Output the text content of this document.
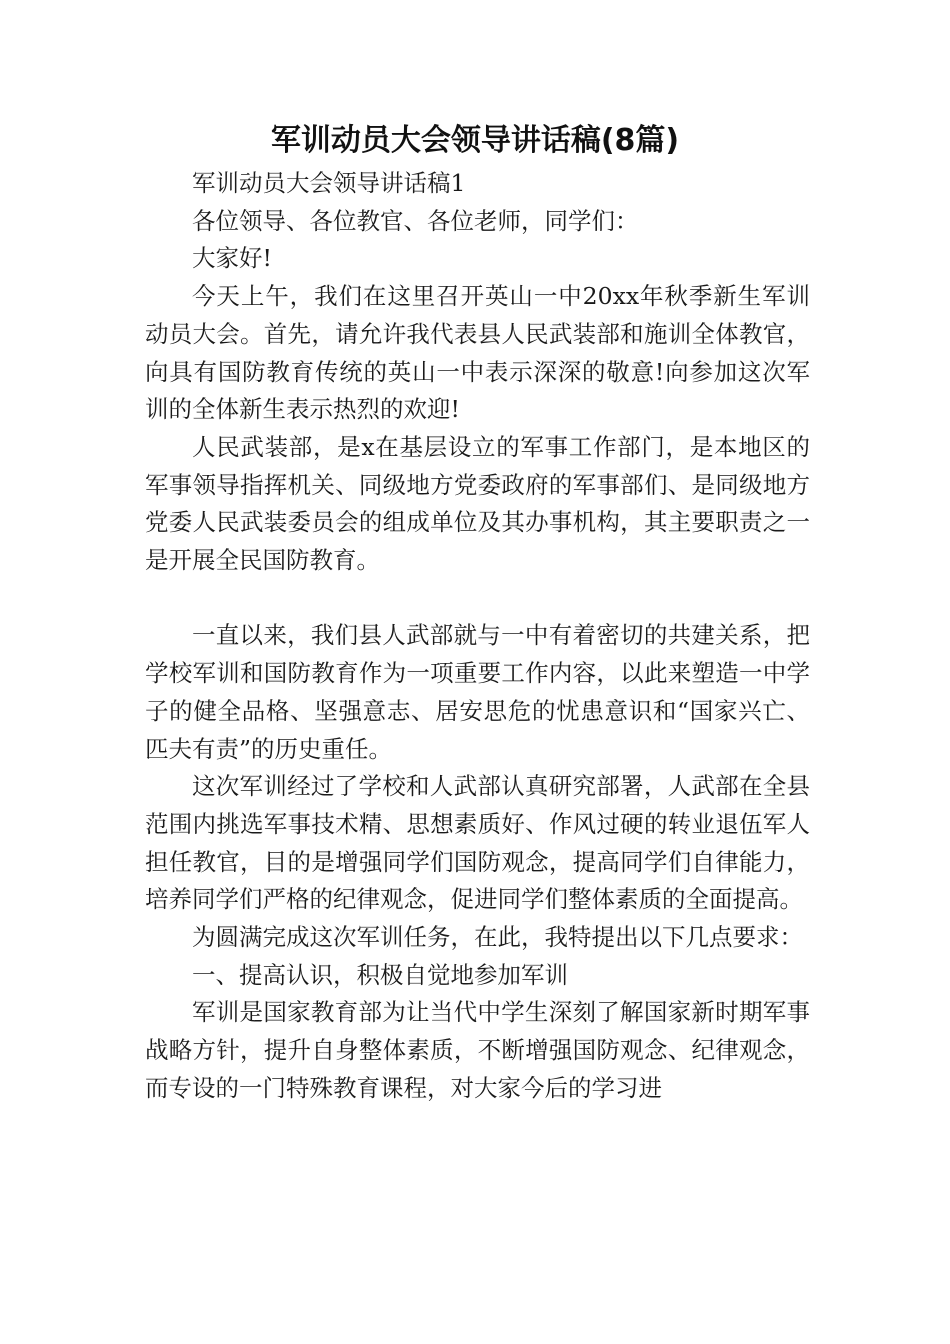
军训动员大会领导讲话稿(8篇)

军训动员大会领导讲话稿1

各位领导、各位教官、各位老师，同学们：

大家好!

今天上午，我们在这里召开英山一中20xx年秋季新生军训动员大会。首先，请允许我代表县人民武装部和施训全体教官，向具有国防教育传统的英山一中表示深深的敬意!向参加这次军训的全体新生表示热烈的欢迎!

人民武装部，是x在基层设立的军事工作部门，是本地区的军事领导指挥机关、同级地方党委政府的军事部们、是同级地方党委人民武装委员会的组成单位及其办事机构，其主要职责之一是开展全民国防教育。

一直以来，我们县人武部就与一中有着密切的共建关系，把学校军训和国防教育作为一项重要工作内容，以此来塑造一中学子的健全品格、坚强意志、居安思危的忧患意识和“国家兴亡、匹夫有责”的历史重任。

这次军训经过了学校和人武部认真研究部署，人武部在全县范围内挑选军事技术精、思想素质好、作风过硬的转业退伍军人担任教官，目的是增强同学们国防观念，提高同学们自律能力，培养同学们严格的纪律观念，促进同学们整体素质的全面提高。

为圆满完成这次军训任务，在此，我特提出以下几点要求：

一、提高认识，积极自觉地参加军训

军训是国家教育部为让当代中学生深刻了解国家新时期军事战略方针，提升自身整体素质，不断增强国防观念、纪律观念，而专设的一门特殊教育课程，对大家今后的学习进
